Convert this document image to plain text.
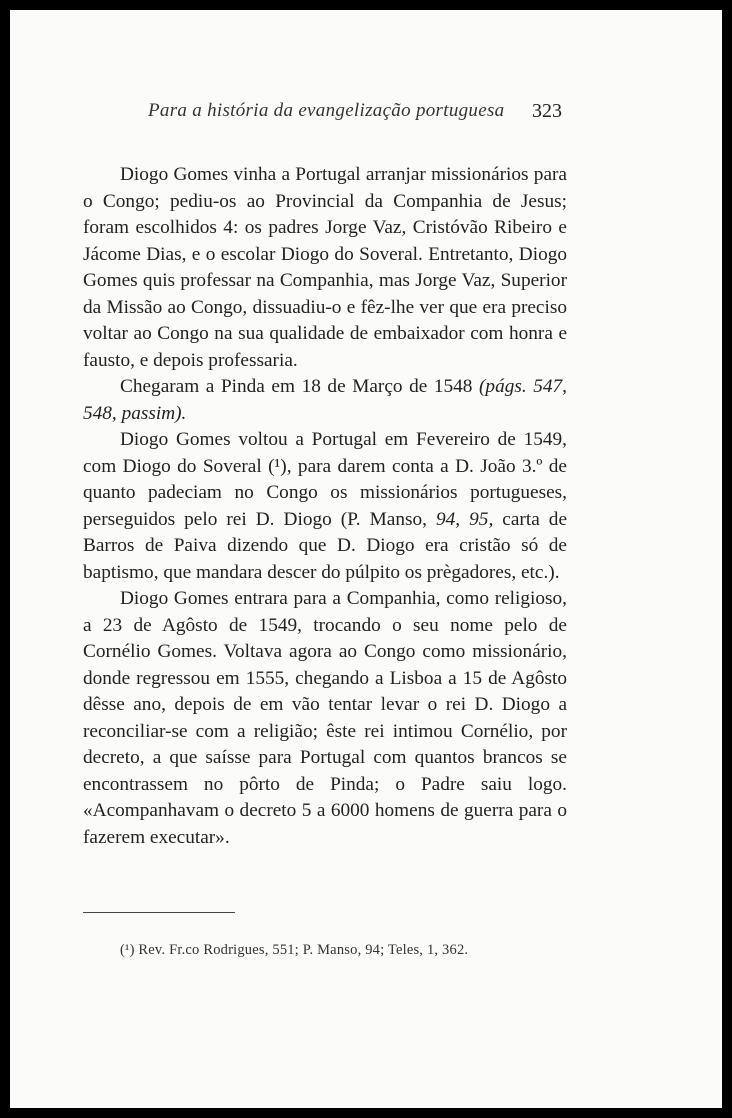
Para a história da evangelização portuguesa 323

Diogo Gomes vinha a Portugal arranjar missionários para o Congo; pediu-os ao Provincial da Companhia de Jesus; foram escolhidos 4: os padres Jorge Vaz, Cristóvão Ribeiro e Jácome Dias, e o escolar Diogo do Soveral. Entretanto, Diogo Gomes quis professar na Companhia, mas Jorge Vaz, Superior da Missão ao Congo, dissuadiu-o e fêz-lhe ver que era preciso voltar ao Congo na sua qualidade de embaixador com honra e fausto, e depois professaria.

Chegaram a Pinda em 18 de Março de 1548 (págs. 547, 548, passim).

Diogo Gomes voltou a Portugal em Fevereiro de 1549, com Diogo do Soveral (¹), para darem conta a D. João 3.º de quanto padeciam no Congo os missionários portugueses, perseguidos pelo rei D. Diogo (P. Manso, 94, 95, carta de Barros de Paiva dizendo que D. Diogo era cristão só de baptismo, que mandara descer do púlpito os prègadores, etc.).

Diogo Gomes entrara para a Companhia, como religioso, a 23 de Agôsto de 1549, trocando o seu nome pelo de Cornélio Gomes. Voltava agora ao Congo como missionário, donde regressou em 1555, chegando a Lisboa a 15 de Agôsto dêsse ano, depois de em vão tentar levar o rei D. Diogo a reconciliar-se com a religião; êste rei intimou Cornélio, por decreto, a que saísse para Portugal com quantos brancos se encontrassem no pôrto de Pinda; o Padre saiu logo. «Acompanhavam o decreto 5 a 6000 homens de guerra para o fazerem executar».

(¹) Rev. Fr.co Rodrigues, 551; P. Manso, 94; Teles, 1, 362.
